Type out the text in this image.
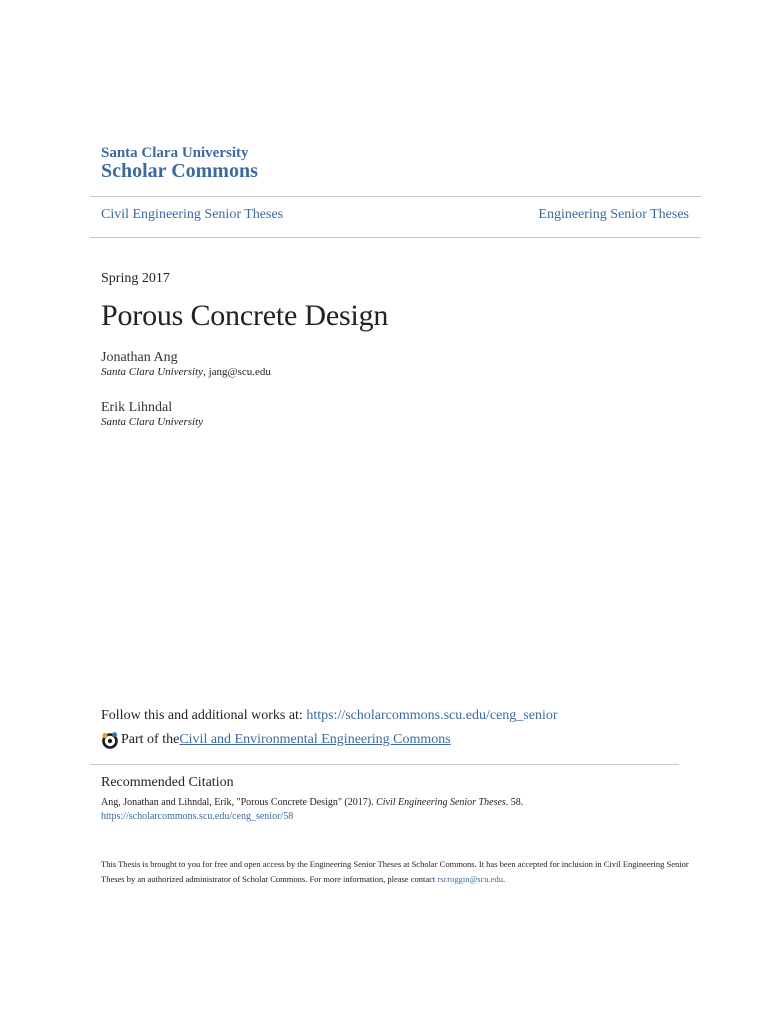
Santa Clara University
Scholar Commons
Civil Engineering Senior Theses	Engineering Senior Theses
Spring 2017
Porous Concrete Design
Jonathan Ang
Santa Clara University, jang@scu.edu
Erik Lihndal
Santa Clara University
Follow this and additional works at: https://scholarcommons.scu.edu/ceng_senior
Part of the Civil and Environmental Engineering Commons
Recommended Citation
Ang, Jonathan and Lihndal, Erik, "Porous Concrete Design" (2017). Civil Engineering Senior Theses. 58.
https://scholarcommons.scu.edu/ceng_senior/58
This Thesis is brought to you for free and open access by the Engineering Senior Theses at Scholar Commons. It has been accepted for inclusion in Civil Engineering Senior Theses by an authorized administrator of Scholar Commons. For more information, please contact rscroggin@scu.edu.
